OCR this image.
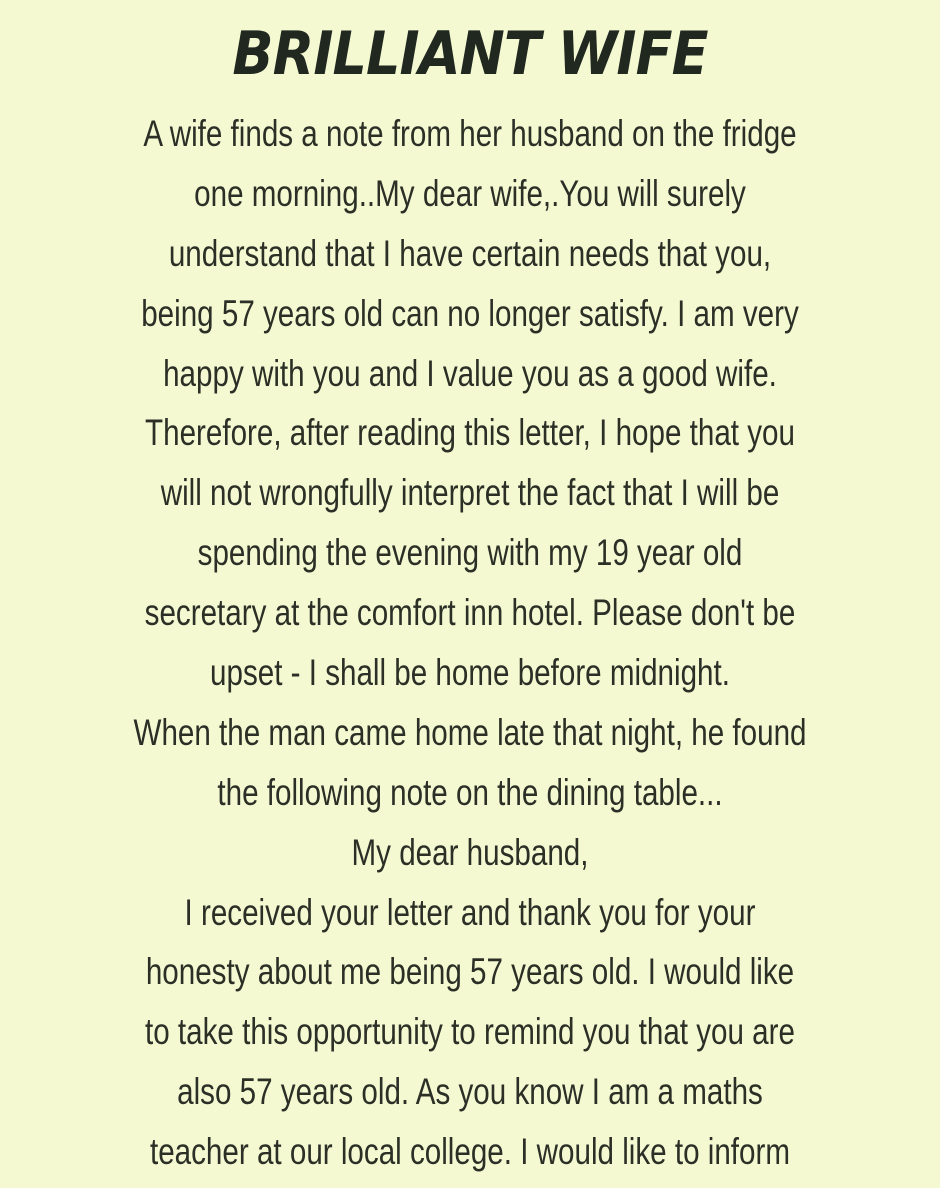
BRILLIANT WIFE
A wife finds a note from her husband on the fridge
one morning..My dear wife,.You will surely
understand that I have certain needs that you,
being 57 years old can no longer satisfy. I am very
happy with you and I value you as a good wife.
Therefore, after reading this letter, I hope that you
will not wrongfully interpret the fact that I will be
spending the evening with my 19 year old
secretary at the comfort inn hotel. Please don't be
upset - I shall be home before midnight.
When the man came home late that night, he found
the following note on the dining table...
My dear husband,
I received your letter and thank you for your
honesty about me being 57 years old. I would like
to take this opportunity to remind you that you are
also 57 years old. As you know I am a maths
teacher at our local college. I would like to inform
